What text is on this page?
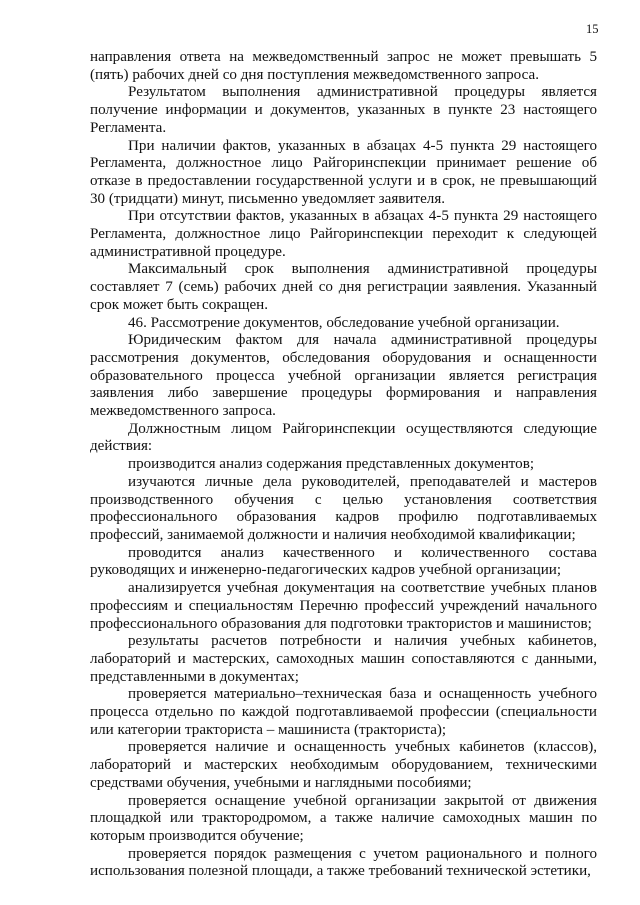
15

направления ответа на межведомственный запрос не может превышать 5 (пять) рабочих дней со дня поступления межведомственного запроса.

Результатом выполнения административной процедуры является получение информации и документов, указанных в пункте 23 настоящего Регламента.

При наличии фактов, указанных в абзацах 4-5 пункта 29 настоящего Регламента, должностное лицо Райгоринспекции принимает решение об отказе в предоставлении государственной услуги и в срок, не превышающий 30 (тридцати) минут, письменно уведомляет заявителя.

При отсутствии фактов, указанных в абзацах 4-5 пункта 29 настоящего Регламента, должностное лицо Райгоринспекции переходит к следующей административной процедуре.

Максимальный срок выполнения административной процедуры составляет 7 (семь) рабочих дней со дня регистрации заявления. Указанный срок может быть сокращен.

46. Рассмотрение документов, обследование учебной организации.

Юридическим фактом для начала административной процедуры рассмотрения документов, обследования оборудования и оснащенности образовательного процесса учебной организации является регистрация заявления либо завершение процедуры формирования и направления межведомственного запроса.

Должностным лицом Райгоринспекции осуществляются следующие действия:

производится анализ содержания представленных документов;

изучаются личные дела руководителей, преподавателей и мастеров производственного обучения с целью установления соответствия профессионального образования кадров профилю подготавливаемых профессий, занимаемой должности и наличия необходимой квалификации;

проводится анализ качественного и количественного состава руководящих и инженерно-педагогических кадров учебной организации;

анализируется учебная документация на соответствие учебных планов профессиям и специальностям Перечню профессий учреждений начального профессионального образования для подготовки трактористов и машинистов;

результаты расчетов потребности и наличия учебных кабинетов, лабораторий и мастерских, самоходных машин сопоставляются с данными, представленными в документах;

проверяется материально–техническая база и оснащенность учебного процесса отдельно по каждой подготавливаемой профессии (специальности или категории тракториста – машиниста (тракториста);

проверяется наличие и оснащенность учебных кабинетов (классов), лабораторий и мастерских необходимым оборудованием, техническими средствами обучения, учебными и наглядными пособиями;

проверяется оснащение учебной организации закрытой от движения площадкой или трактородромом, а также наличие самоходных машин по которым производится обучение;

проверяется порядок размещения с учетом рационального и полного использования полезной площади, а также требований технической эстетики,
